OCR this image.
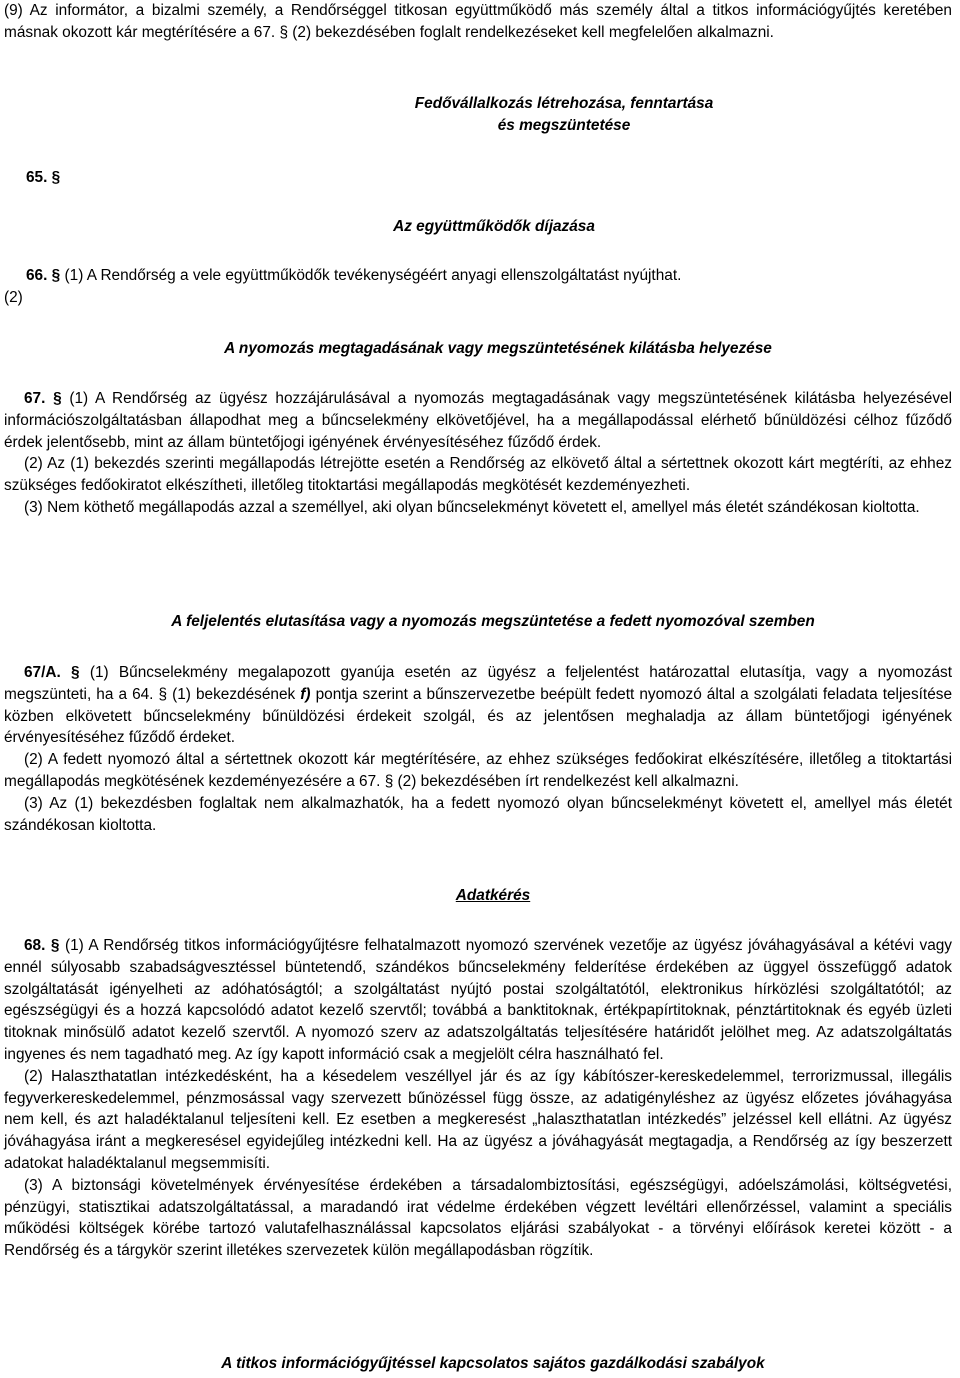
(9) Az informátor, a bizalmi személy, a Rendőrséggel titkosan együttműködő más személy által a titkos információgyűjtés keretében másnak okozott kár megtérítésére a 67. § (2) bekezdésében foglalt rendelkezéseket kell megfelelően alkalmazni.

Fedővállalkozás létrehozása, fenntartása

és megszüntetése

65. §

Az együttműködők díjazása

66. § (1) A Rendőrség a vele együttműködők tevékenységéért anyagi ellenszolgáltatást nyújthat.

(2)

A nyomozás megtagadásának vagy megszüntetésének kilátásba helyezése

67. § (1) A Rendőrség az ügyész hozzájárulásával a nyomozás megtagadásának vagy megszüntetésének kilátásba helyezésével információszolgáltatásban állapodhat meg a bűncselekmény elkövetőjével, ha a megállapodással elérhető bűnüldözési célhoz fűződő érdek jelentősebb, mint az állam büntetőjogi igényének érvényesítéséhez fűződő érdek.

(2) Az (1) bekezdés szerinti megállapodás létrejötte esetén a Rendőrség az elkövető által a sértettnek okozott kárt megtéríti, az ehhez szükséges fedőokiratot elkészítheti, illetőleg titoktartási megállapodás megkötését kezdeményezheti.

(3) Nem köthető megállapodás azzal a személlyel, aki olyan bűncselekményt követett el, amellyel más életét szándékosan kioltotta.

A feljelentés elutasítása vagy a nyomozás megszüntetése a fedett nyomozóval szemben

67/A. § (1) Bűncselekmény megalapozott gyanúja esetén az ügyész a feljelentést határozattal elutasítja, vagy a nyomozást megszünteti, ha a 64. § (1) bekezdésének f) pontja szerint a bűnszervezetbe beépült fedett nyomozó által a szolgálati feladata teljesítése közben elkövetett bűncselekmény bűnüldözési érdekeit szolgál, és az jelentősen meghaladja az állam büntetőjogi igényének érvényesítéséhez fűződő érdeket.

(2) A fedett nyomozó által a sértettnek okozott kár megtérítésére, az ehhez szükséges fedőokirat elkészítésére, illetőleg a titoktartási megállapodás megkötésének kezdeményezésére a 67. § (2) bekezdésében írt rendelkezést kell alkalmazni.

(3) Az (1) bekezdésben foglaltak nem alkalmazhatók, ha a fedett nyomozó olyan bűncselekményt követett el, amellyel más életét szándékosan kioltotta.

Adatkérés

68. § (1) A Rendőrség titkos információgyűjtésre felhatalmazott nyomozó szervének vezetője az ügyész jóváhagyásával a kétévi vagy ennél súlyosabb szabadságvesztéssel büntetendő, szándékos bűncselekmény felderítése érdekében az üggyel összefüggő adatok szolgáltatását igényelheti az adóhatóságtól; a szolgáltatást nyújtó postai szolgáltatótól, elektronikus hírközlési szolgáltatótól; az egészségügyi és a hozzá kapcsolódó adatot kezelő szervtől; továbbá a banktitoknak, értékpapírtitoknak, pénztártitoknak és egyéb üzleti titoknak minősülő adatot kezelő szervtől. A nyomozó szerv az adatszolgáltatás teljesítésére határidőt jelölhet meg. Az adatszolgáltatás ingyenes és nem tagadható meg. Az így kapott információ csak a megjelölt célra használható fel.

(2) Halaszthatatlan intézkedésként, ha a késedelem veszéllyel jár és az így kábítószer-kereskedelemmel, terrorizmussal, illegális fegyverkereskedelemmel, pénzmosással vagy szervezett bűnözéssel függ össze, az adatigényléshez az ügyész előzetes jóváhagyása nem kell, és azt haladéktalanul teljesíteni kell. Ez esetben a megkeresést „halaszthatatlan intézkedés” jelzéssel kell ellátni. Az ügyész jóváhagyása iránt a megkeresésel egyidejűleg intézkedni kell. Ha az ügyész a jóváhagyását megtagadja, a Rendőrség az így beszerzett adatokat haladéktalanul megsemmisíti.

(3) A biztonsági követelmények érvényesítése érdekében a társadalombiztosítási, egészségügyi, adóelszámolási, költségvetési, pénzügyi, statisztikai adatszolgáltatással, a maradandó irat védelme érdekében végzett levéltári ellenőrzéssel, valamint a speciális működési költségek körébe tartozó valutafelhasználással kapcsolatos eljárási szabályokat - a törvényi előírások keretei között - a Rendőrség és a tárgykör szerint illetékes szervezetek külön megállapodásban rögzítik.

A titkos információgyűjtéssel kapcsolatos sajátos gazdálkodási szabályok
